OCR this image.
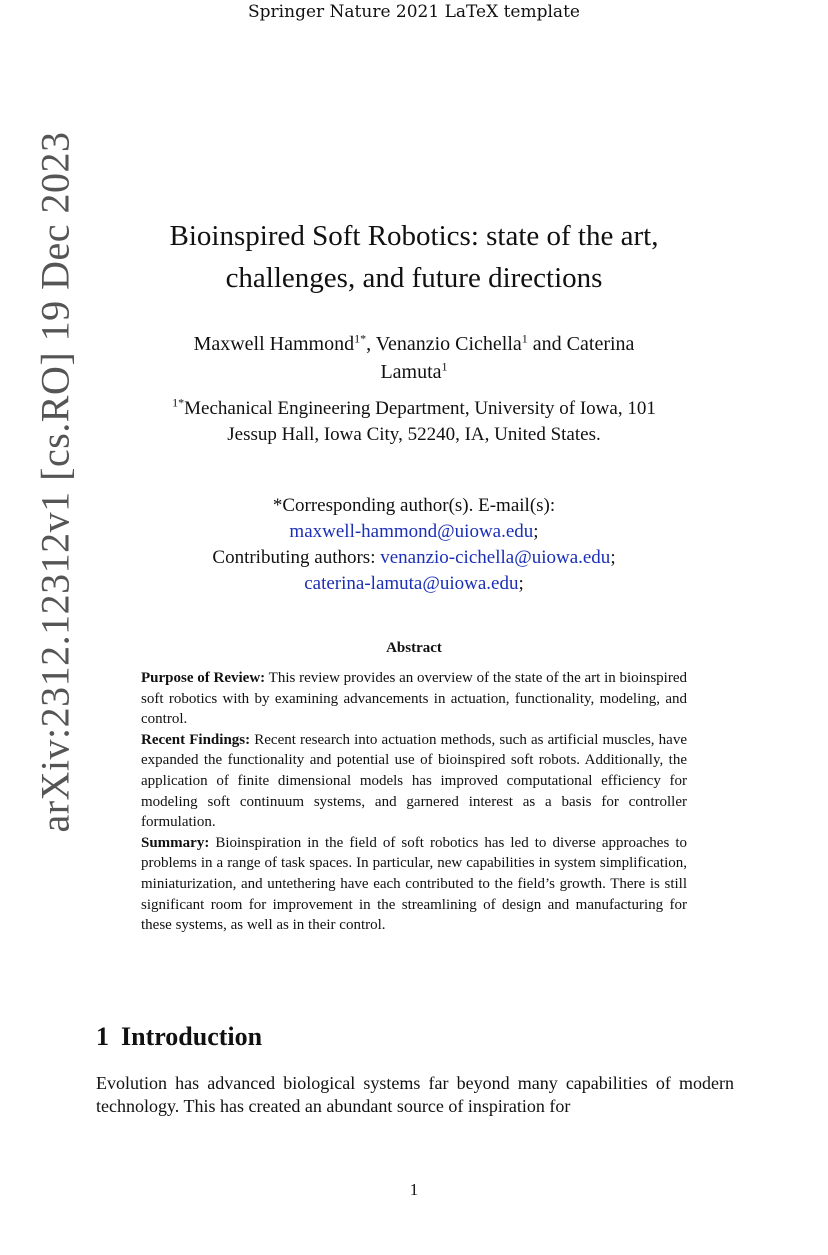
Springer Nature 2021 LaTeX template
arXiv:2312.12312v1 [cs.RO] 19 Dec 2023	Bioinspired Soft Robotics: state of the art,
challenges, and future directions
Maxwell Hammond$^{1*}$, Venanzio Cichella$^1$ and Caterina
Lamuta$^1$
$^{1*}$Mechanical Engineering Department, University of Iowa, 101
Jessup Hall, Iowa City, 52240, IA, United States.
*Corresponding author(s). E-mail(s):
maxwell-hammond@uiowa.edu;
Contributing authors: venanzio-cichella@uiowa.edu;
caterina-lamuta@uiowa.edu;
Abstract
Purpose of Review: This review provides an overview of the state of the art in bioinspired soft robotics with by examining advancements in actuation, functionality, modeling, and control.
Recent Findings: Recent research into actuation methods, such as artificial muscles, have expanded the functionality and potential use of bioinspired soft robots. Additionally, the application of finite dimensional models has improved computational efficiency for modeling soft continuum systems, and garnered interest as a basis for controller formulation.
Summary: Bioinspiration in the field of soft robotics has led to diverse approaches to problems in a range of task spaces. In particular, new capabilities in system simplification, miniaturization, and untethering have each contributed to the field’s growth. There is still significant room for improvement in the streamlining of design and manufacturing for these systems, as well as in their control.
1 Introduction
Evolution has advanced biological systems far beyond many capabilities of modern technology. This has created an abundant source of inspiration for
1
